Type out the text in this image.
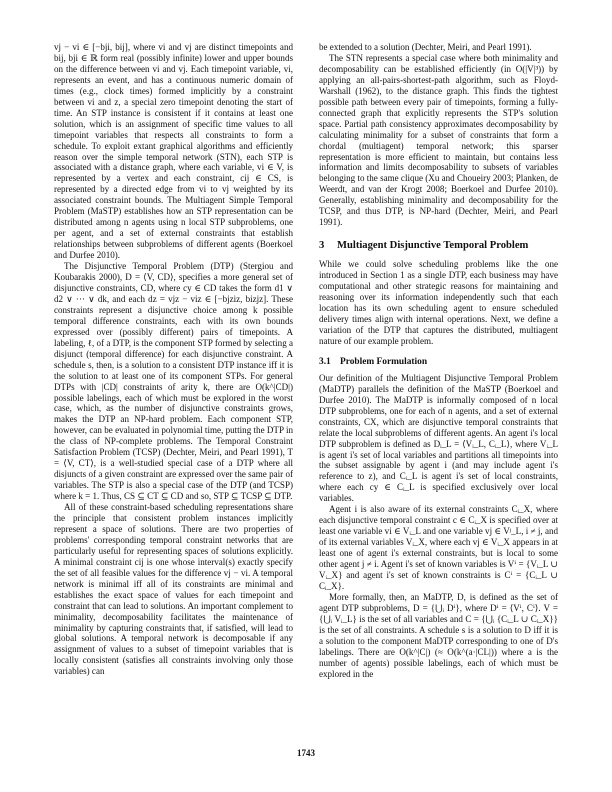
vj − vi ∈ [−bji, bij], where vi and vj are distinct timepoints and bij, bji ∈ ℝ form real (possibly infinite) lower and upper bounds on the difference between vi and vj. Each timepoint variable, vi, represents an event, and has a continuous numeric domain of times (e.g., clock times) formed implicitly by a constraint between vi and z, a special zero timepoint denoting the start of time. An STP instance is consistent if it contains at least one solution, which is an assignment of specific time values to all timepoint variables that respects all constraints to form a schedule. To exploit extant graphical algorithms and efficiently reason over the simple temporal network (STN), each STP is associated with a distance graph, where each variable, vi ∈ V, is represented by a vertex and each constraint, cij ∈ CS, is represented by a directed edge from vi to vj weighted by its associated constraint bounds. The Multiagent Simple Temporal Problem (MaSTP) establishes how an STP representation can be distributed among n agents using n local STP subproblems, one per agent, and a set of external constraints that establish relationships between subproblems of different agents (Boerkoel and Durfee 2010).

The Disjunctive Temporal Problem (DTP) (Stergiou and Koubarakis 2000), D = ⟨V, CD⟩, specifies a more general set of disjunctive constraints, CD, where cy ∈ CD takes the form d1 ∨ d2 ∨ ··· ∨ dk, and each dz = vjz − viz ∈ [−bjziz, bizjz]. These constraints represent a disjunctive choice among k possible temporal difference constraints, each with its own bounds expressed over (possibly different) pairs of timepoints. A labeling, ℓ, of a DTP, is the component STP formed by selecting a disjunct (temporal difference) for each disjunctive constraint. A schedule s, then, is a solution to a consistent DTP instance iff it is the solution to at least one of its component STPs. For general DTPs with |CD| constraints of arity k, there are O(k^|CD|) possible labelings, each of which must be explored in the worst case, which, as the number of disjunctive constraints grows, makes the DTP an NP-hard problem. Each component STP, however, can be evaluated in polynomial time, putting the DTP in the class of NP-complete problems. The Temporal Constraint Satisfaction Problem (TCSP) (Dechter, Meiri, and Pearl 1991), T = ⟨V, CT⟩, is a well-studied special case of a DTP where all disjuncts of a given constraint are expressed over the same pair of variables. The STP is also a special case of the DTP (and TCSP) where k = 1. Thus, CS ⊆ CT ⊆ CD and so, STP ⊆ TCSP ⊆ DTP.

All of these constraint-based scheduling representations share the principle that consistent problem instances implicitly represent a space of solutions. There are two properties of problems' corresponding temporal constraint networks that are particularly useful for representing spaces of solutions explicitly. A minimal constraint cij is one whose interval(s) exactly specify the set of all feasible values for the difference vj − vi. A temporal network is minimal iff all of its constraints are minimal and establishes the exact space of values for each timepoint and constraint that can lead to solutions. An important complement to minimality, decomposability facilitates the maintenance of minimality by capturing constraints that, if satisfied, will lead to global solutions. A temporal network is decomposable if any assignment of values to a subset of timepoint variables that is locally consistent (satisfies all constraints involving only those variables) can

be extended to a solution (Dechter, Meiri, and Pearl 1991).

The STN represents a special case where both minimality and decomposability can be established efficiently (in O(|V|³)) by applying an all-pairs-shortest-path algorithm, such as Floyd-Warshall (1962), to the distance graph. This finds the tightest possible path between every pair of timepoints, forming a fully-connected graph that explicitly represents the STP's solution space. Partial path consistency approximates decomposability by calculating minimality for a subset of constraints that form a chordal (multiagent) temporal network; this sparser representation is more efficient to maintain, but contains less information and limits decomposability to subsets of variables belonging to the same clique (Xu and Choueiry 2003; Planken, de Weerdt, and van der Krogt 2008; Boerkoel and Durfee 2010). Generally, establishing minimality and decomposability for the TCSP, and thus DTP, is NP-hard (Dechter, Meiri, and Pearl 1991).

3 Multiagent Disjunctive Temporal Problem

While we could solve scheduling problems like the one introduced in Section 1 as a single DTP, each business may have computational and other strategic reasons for maintaining and reasoning over its information independently such that each location has its own scheduling agent to ensure scheduled delivery times align with internal operations. Next, we define a variation of the DTP that captures the distributed, multiagent nature of our example problem.

3.1 Problem Formulation

Our definition of the Multiagent Disjunctive Temporal Problem (MaDTP) parallels the definition of the MaSTP (Boerkoel and Durfee 2010). The MaDTP is informally composed of n local DTP subproblems, one for each of n agents, and a set of external constraints, CX, which are disjunctive temporal constraints that relate the local subproblems of different agents. An agent i's local DTP subproblem is defined as Dᵢ_L = ⟨Vᵢ_L, Cᵢ_L⟩, where Vᵢ_L is agent i's set of local variables and partitions all timepoints into the subset assignable by agent i (and may include agent i's reference to z), and Cᵢ_L is agent i's set of local constraints, where each cy ∈ Cᵢ_L is specified exclusively over local variables.

Agent i is also aware of its external constraints Cᵢ_X, where each disjunctive temporal constraint c ∈ Cᵢ_X is specified over at least one variable vi ∈ Vᵢ_L and one variable vj ∈ Vʲ_L, i ≠ j, and of its external variables Vᵢ_X, where each vj ∈ Vᵢ_X appears in at least one of agent i's external constraints, but is local to some other agent j ≠ i. Agent i's set of known variables is Vⁱ = {Vᵢ_L ∪ Vᵢ_X} and agent i's set of known constraints is Cⁱ = {Cᵢ_L ∪ Cᵢ_X}.

More formally, then, an MaDTP, D, is defined as the set of agent DTP subproblems, D = {⋃ᵢ Dⁱ}, where Dⁱ = ⟨Vⁱ, Cⁱ⟩. V = {⋃ᵢ Vᵢ_L} is the set of all variables and C = {⋃ᵢ {Cᵢ_L ∪ Cᵢ_X}} is the set of all constraints. A schedule s is a solution to D iff it is a solution to the component MaDTP corresponding to one of D's labelings. There are O(k^|C|) (≈ O(k^(a·|CL|)) where a is the number of agents) possible labelings, each of which must be explored in the

1743
